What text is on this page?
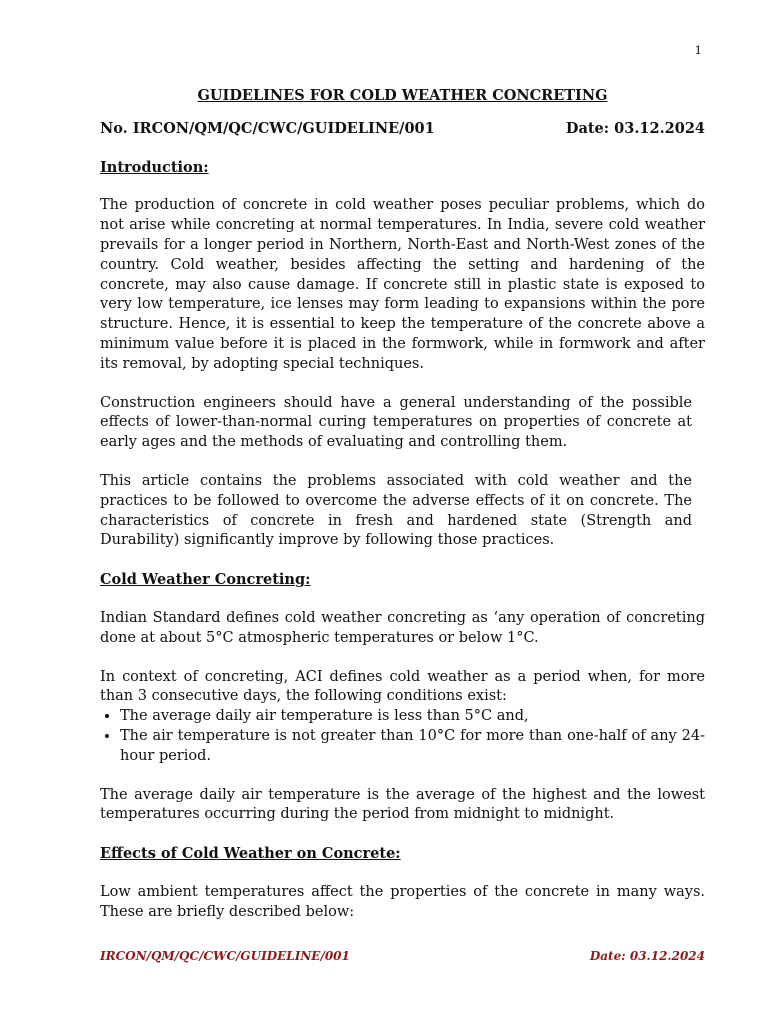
1
GUIDELINES FOR COLD WEATHER CONCRETING
No. IRCON/QM/QC/CWC/GUIDELINE/001	Date: 03.12.2024
Introduction:

The production of concrete in cold weather poses peculiar problems, which do not arise while concreting at normal temperatures. In India, severe cold weather prevails for a longer period in Northern, North-East and North-West zones of the country. Cold weather, besides affecting the setting and hardening of the concrete, may also cause damage. If concrete still in plastic state is exposed to very low temperature, ice lenses may form leading to expansions within the pore structure. Hence, it is essential to keep the temperature of the concrete above a minimum value before it is placed in the formwork, while in formwork and after its removal, by adopting special techniques.

Construction engineers should have a general understanding of the possible effects of lower-than-normal curing temperatures on properties of concrete at early ages and the methods of evaluating and controlling them.

This article contains the problems associated with cold weather and the practices to be followed to overcome the adverse effects of it on concrete. The characteristics of concrete in fresh and hardened state (Strength and Durability) significantly improve by following those practices.

Cold Weather Concreting:

Indian Standard defines cold weather concreting as ‘any operation of concreting done at about 5°C atmospheric temperatures or below 1°C.

In context of concreting, ACI defines cold weather as a period when, for more than 3 consecutive days, the following conditions exist:

• The average daily air temperature is less than 5°C and,
• The air temperature is not greater than 10°C for more than one-half of any 24-hour period.

The average daily air temperature is the average of the highest and the lowest temperatures occurring during the period from midnight to midnight.

Effects of Cold Weather on Concrete:

Low ambient temperatures affect the properties of the concrete in many ways. These are briefly described below:

IRCON/QM/QC/CWC/GUIDELINE/001	Date: 03.12.2024
